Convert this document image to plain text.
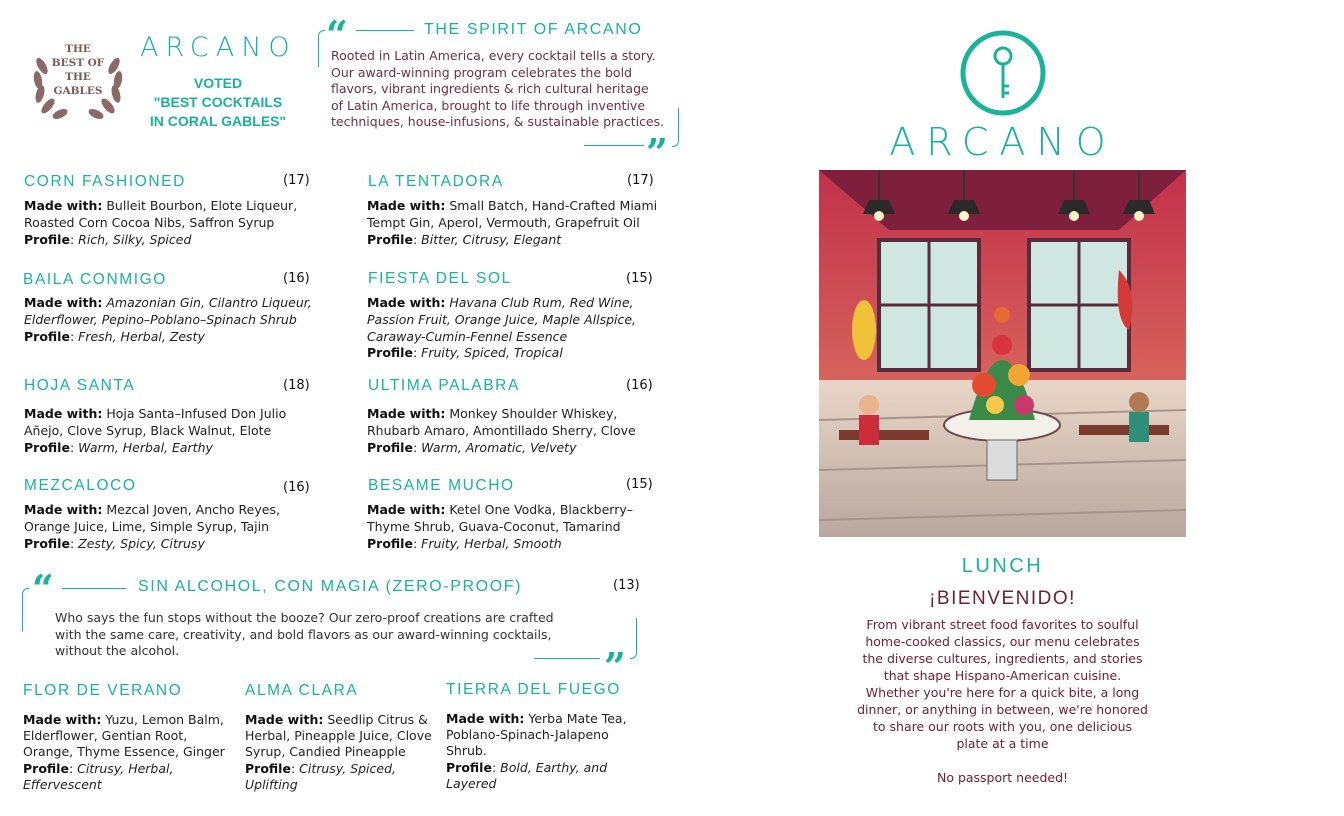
THE BEST OF THE GABLES
ARCANO
VOTED
"BEST COCKTAILS
IN CORAL GABLES"
“	THE SPIRIT OF ARCANO
Rooted in Latin America, every cocktail tells a story.
Our award-winning program celebrates the bold
flavors, vibrant ingredients & rich cultural heritage
of Latin America, brought to life through inventive
techniques, house-infusions, & sustainable practices.
”
CORN FASHIONED	(17)
Made with: Bulleit Bourbon, Elote Liqueur, Roasted Corn Cocoa Nibs, Saffron Syrup
Profile: Rich, Silky, Spiced
LA TENTADORA	(17)
Made with: Small Batch, Hand-Crafted Miami Tempt Gin, Aperol, Vermouth, Grapefruit Oil
Profile: Bitter, Citrusy, Elegant
BAILA CONMIGO	(16)
Made with: Amazonian Gin, Cilantro Liqueur, Elderflower, Pepino–Poblano–Spinach Shrub
Profile: Fresh, Herbal, Zesty
FIESTA DEL SOL	(15)
Made with: Havana Club Rum, Red Wine, Passion Fruit, Orange Juice, Maple Allspice, Caraway-Cumin-Fennel Essence
Profile: Fruity, Spiced, Tropical
HOJA SANTA	(18)
Made with: Hoja Santa–Infused Don Julio Añejo, Clove Syrup, Black Walnut, Elote
Profile: Warm, Herbal, Earthy
ULTIMA PALABRA	(16)
Made with: Monkey Shoulder Whiskey, Rhubarb Amaro, Amontillado Sherry, Clove
Profile: Warm, Aromatic, Velvety
MEZCALOCO	(16)
Made with: Mezcal Joven, Ancho Reyes, Orange Juice, Lime, Simple Syrup, Tajin
Profile: Zesty, Spicy, Citrusy
BESAME MUCHO	(15)
Made with: Ketel One Vodka, Blackberry–Thyme Shrub, Guava-Coconut, Tamarind
Profile: Fruity, Herbal, Smooth
“	SIN ALCOHOL, CON MAGIA (ZERO-PROOF)	(13)
Who says the fun stops without the booze? Our zero-proof creations are crafted
with the same care, creativity, and bold flavors as our award-winning cocktails,
without the alcohol.	”
FLOR DE VERANO
Made with: Yuzu, Lemon Balm, Elderflower, Gentian Root, Orange, Thyme Essence, Ginger
Profile: Citrusy, Herbal, Effervescent
ALMA CLARA
Made with: Seedlip Citrus & Herbal, Pineapple Juice, Clove Syrup, Candied Pineapple
Profile: Citrusy, Spiced, Uplifting
TIERRA DEL FUEGO
Made with: Yerba Mate Tea, Poblano-Spinach-Jalapeno Shrub.
Profile: Bold, Earthy, and Layered
ARCANO
LUNCH
¡BIENVENIDO!
From vibrant street food favorites to soulful
home-cooked classics, our menu celebrates
the diverse cultures, ingredients, and stories
that shape Hispano-American cuisine.
Whether you're here for a quick bite, a long
dinner, or anything in between, we're honored
to share our roots with you, one delicious
plate at a time
No passport needed!
